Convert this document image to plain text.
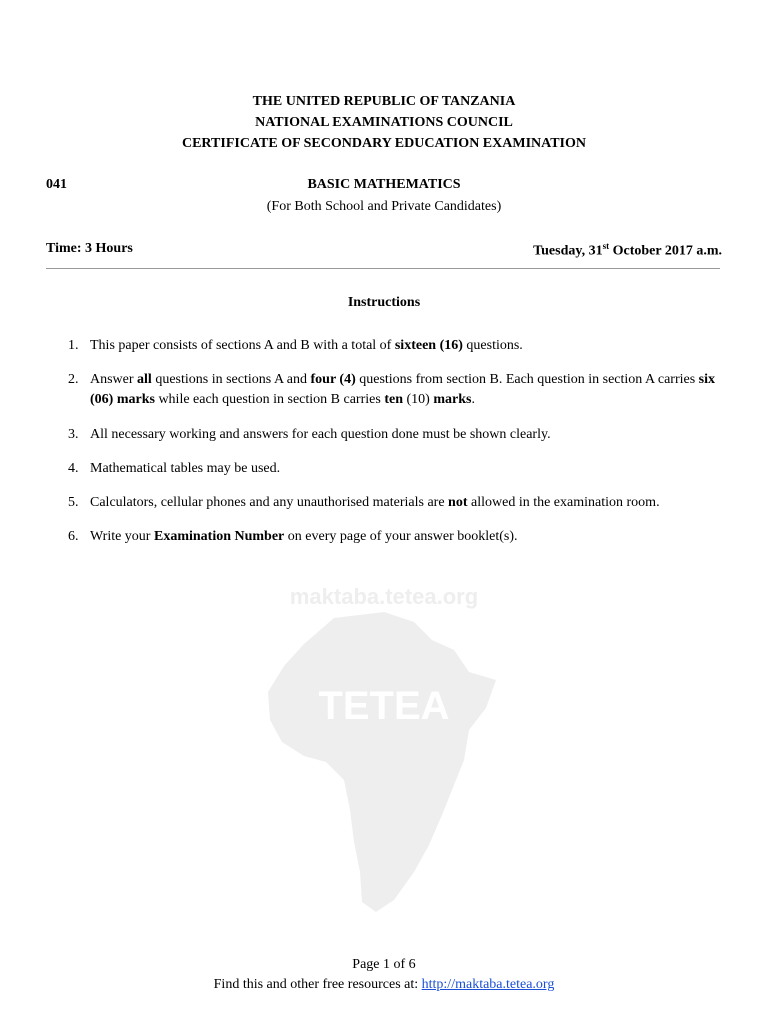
THE UNITED REPUBLIC OF TANZANIA
NATIONAL EXAMINATIONS COUNCIL
CERTIFICATE OF SECONDARY EDUCATION EXAMINATION
041	BASIC MATHEMATICS
(For Both School and Private Candidates)
Time: 3 Hours	Tuesday, 31st October 2017 a.m.
Instructions
1. This paper consists of sections A and B with a total of sixteen (16) questions.
2. Answer all questions in sections A and four (4) questions from section B. Each question in section A carries six (06) marks while each question in section B carries ten (10) marks.
3. All necessary working and answers for each question done must be shown clearly.
4. Mathematical tables may be used.
5. Calculators, cellular phones and any unauthorised materials are not allowed in the examination room.
6. Write your Examination Number on every page of your answer booklet(s).
maktaba.tetea.org
TETEA
Page 1 of 6
Find this and other free resources at: http://maktaba.tetea.org
